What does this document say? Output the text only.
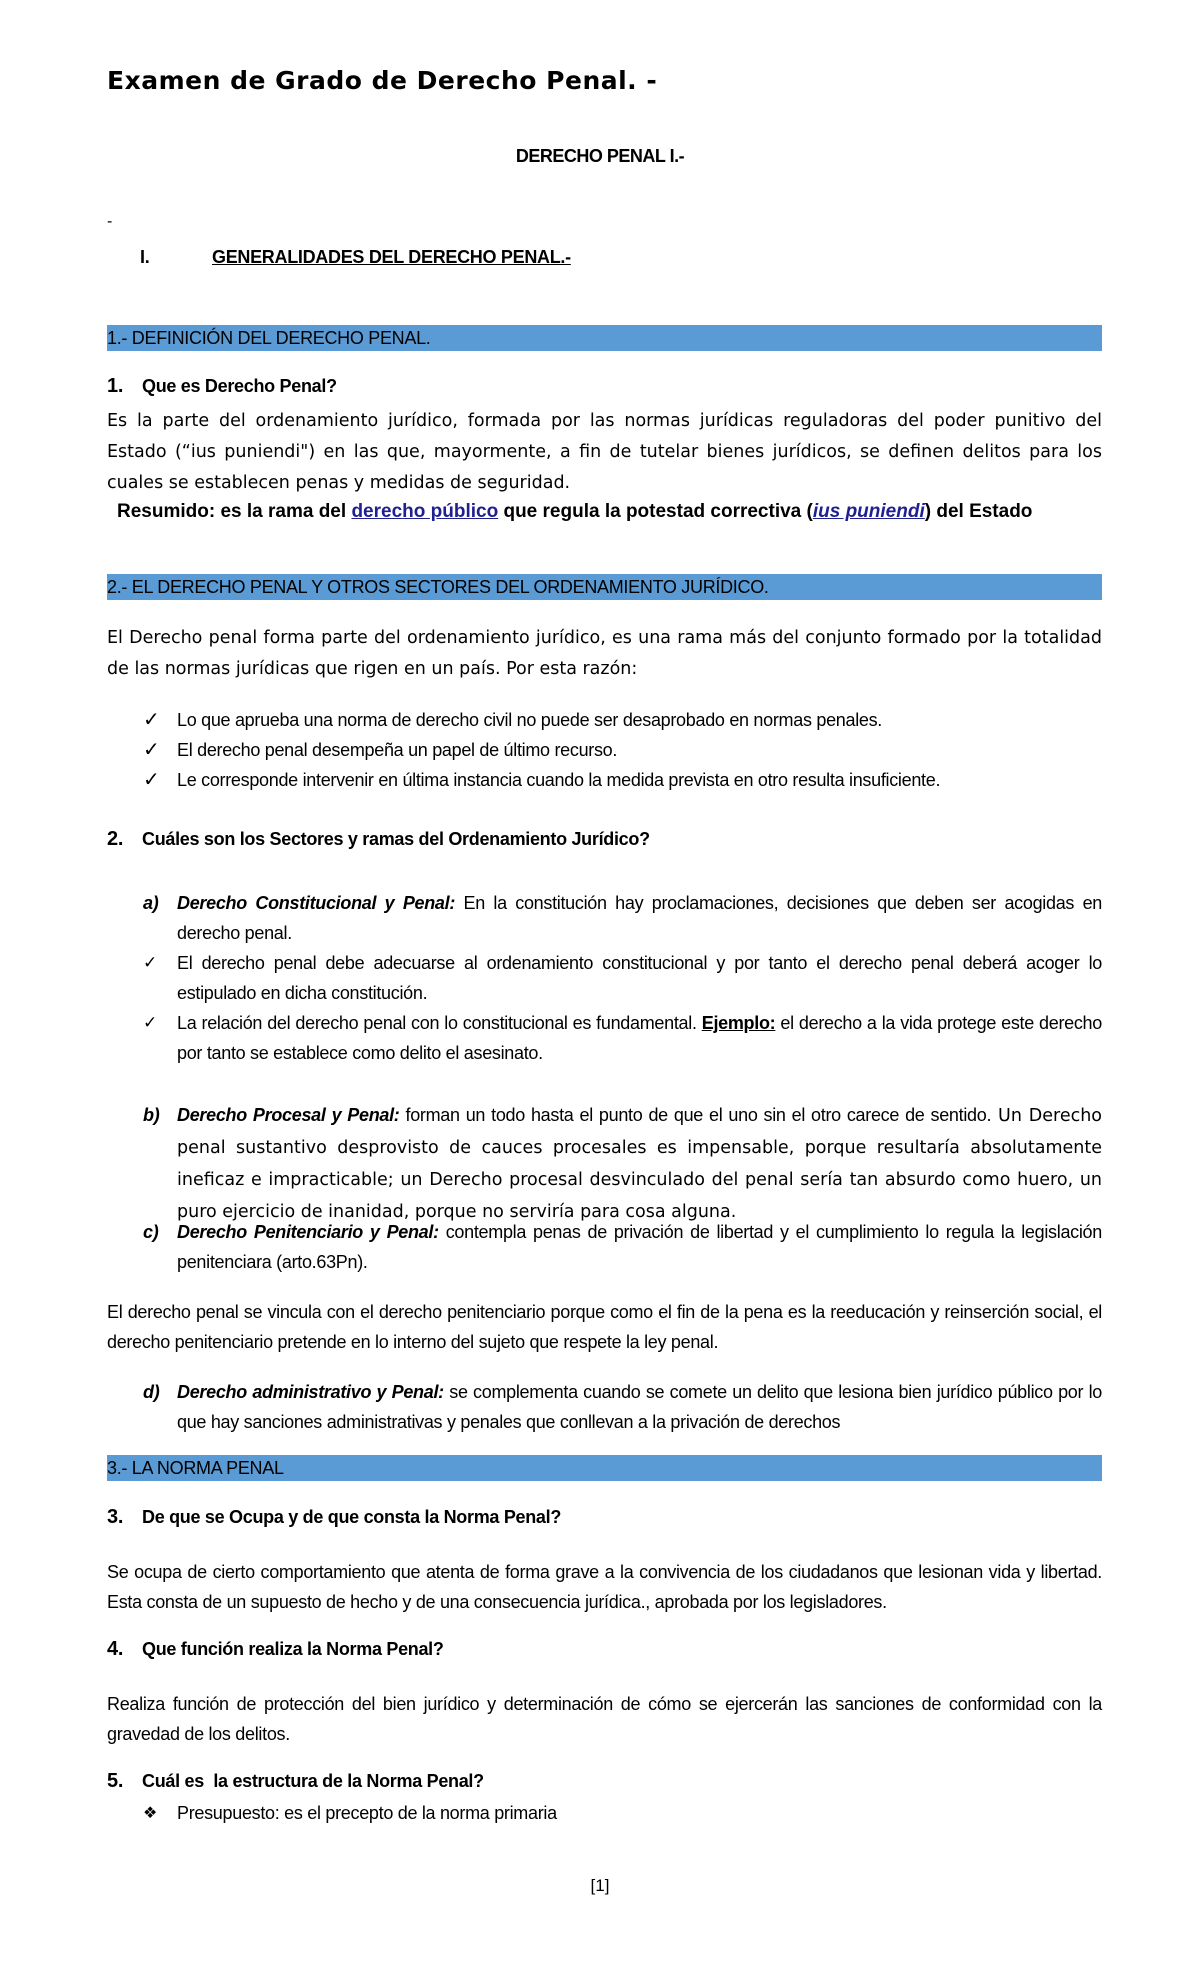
Examen de Grado de Derecho Penal. -
DERECHO PENAL I.-
-
I.	GENERALIDADES DEL DERECHO PENAL.-
1.- DEFINICIÓN DEL DERECHO PENAL.
1. Que es Derecho Penal?
Es la parte del ordenamiento jurídico, formada por las normas jurídicas reguladoras del poder punitivo del Estado (“ius puniendi") en las que, mayormente, a fin de tutelar bienes jurídicos, se definen delitos para los cuales se establecen penas y medidas de seguridad.
Resumido: es la rama del derecho público que regula la potestad correctiva (ius puniendi) del Estado
2.- EL DERECHO PENAL Y OTROS SECTORES DEL ORDENAMIENTO JURÍDICO.
El Derecho penal forma parte del ordenamiento jurídico, es una rama más del conjunto formado por la totalidad de las normas jurídicas que rigen en un país. Por esta razón:
✓ Lo que aprueba una norma de derecho civil no puede ser desaprobado en normas penales.
✓ El derecho penal desempeña un papel de último recurso.
✓ Le corresponde intervenir en última instancia cuando la medida prevista en otro resulta insuficiente.
2. Cuáles son los Sectores y ramas del Ordenamiento Jurídico?
a) Derecho Constitucional y Penal: En la constitución hay proclamaciones, decisiones que deben ser acogidas en derecho penal.
✓ El derecho penal debe adecuarse al ordenamiento constitucional y por tanto el derecho penal deberá acoger lo estipulado en dicha constitución.
✓ La relación del derecho penal con lo constitucional es fundamental. Ejemplo: el derecho a la vida protege este derecho por tanto se establece como delito el asesinato.
b) Derecho Procesal y Penal: forman un todo hasta el punto de que el uno sin el otro carece de sentido. Un Derecho penal sustantivo desprovisto de cauces procesales es impensable, porque resultaría absolutamente ineficaz e impracticable; un Derecho procesal desvinculado del penal sería tan absurdo como huero, un puro ejercicio de inanidad, porque no serviría para cosa alguna.
c) Derecho Penitenciario y Penal: contempla penas de privación de libertad y el cumplimiento lo regula la legislación penitenciara (arto.63Pn).
El derecho penal se vincula con el derecho penitenciario porque como el fin de la pena es la reeducación y reinserción social, el derecho penitenciario pretende en lo interno del sujeto que respete la ley penal.
d) Derecho administrativo y Penal: se complementa cuando se comete un delito que lesiona bien jurídico público por lo que hay sanciones administrativas y penales que conllevan a la privación de derechos
3.- LA NORMA PENAL
3. De que se Ocupa y de que consta la Norma Penal?
Se ocupa de cierto comportamiento que atenta de forma grave a la convivencia de los ciudadanos que lesionan vida y libertad. Esta consta de un supuesto de hecho y de una consecuencia jurídica., aprobada por los legisladores.
4. Que función realiza la Norma Penal?
Realiza función de protección del bien jurídico y determinación de cómo se ejercerán las sanciones de conformidad con la gravedad de los delitos.
5. Cuál es  la estructura de la Norma Penal?
❖ Presupuesto: es el precepto de la norma primaria
[1]
